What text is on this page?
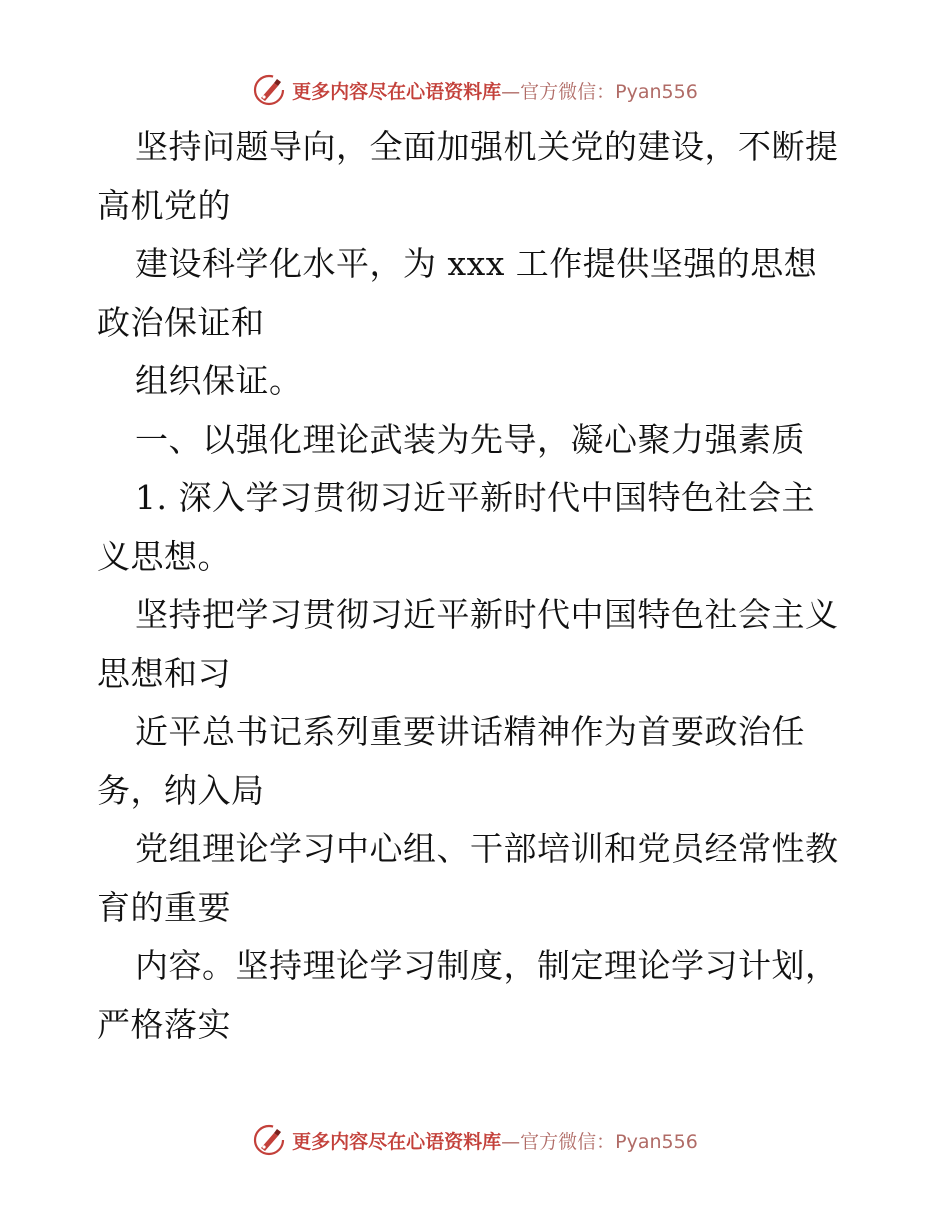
更多内容尽在心语资料库—官方微信：Pyan556
坚持问题导向，全面加强机关党的建设，不断提
高机党的
建设科学化水平，为 xxx 工作提供坚强的思想
政治保证和
组织保证。
一、以强化理论武装为先导，凝心聚力强素质
1. 深入学习贯彻习近平新时代中国特色社会主
义思想。
坚持把学习贯彻习近平新时代中国特色社会主义
思想和习
近平总书记系列重要讲话精神作为首要政治任
务，纳入局
党组理论学习中心组、干部培训和党员经常性教
育的重要
内容。坚持理论学习制度，制定理论学习计划，
严格落实
更多内容尽在心语资料库—官方微信：Pyan556
